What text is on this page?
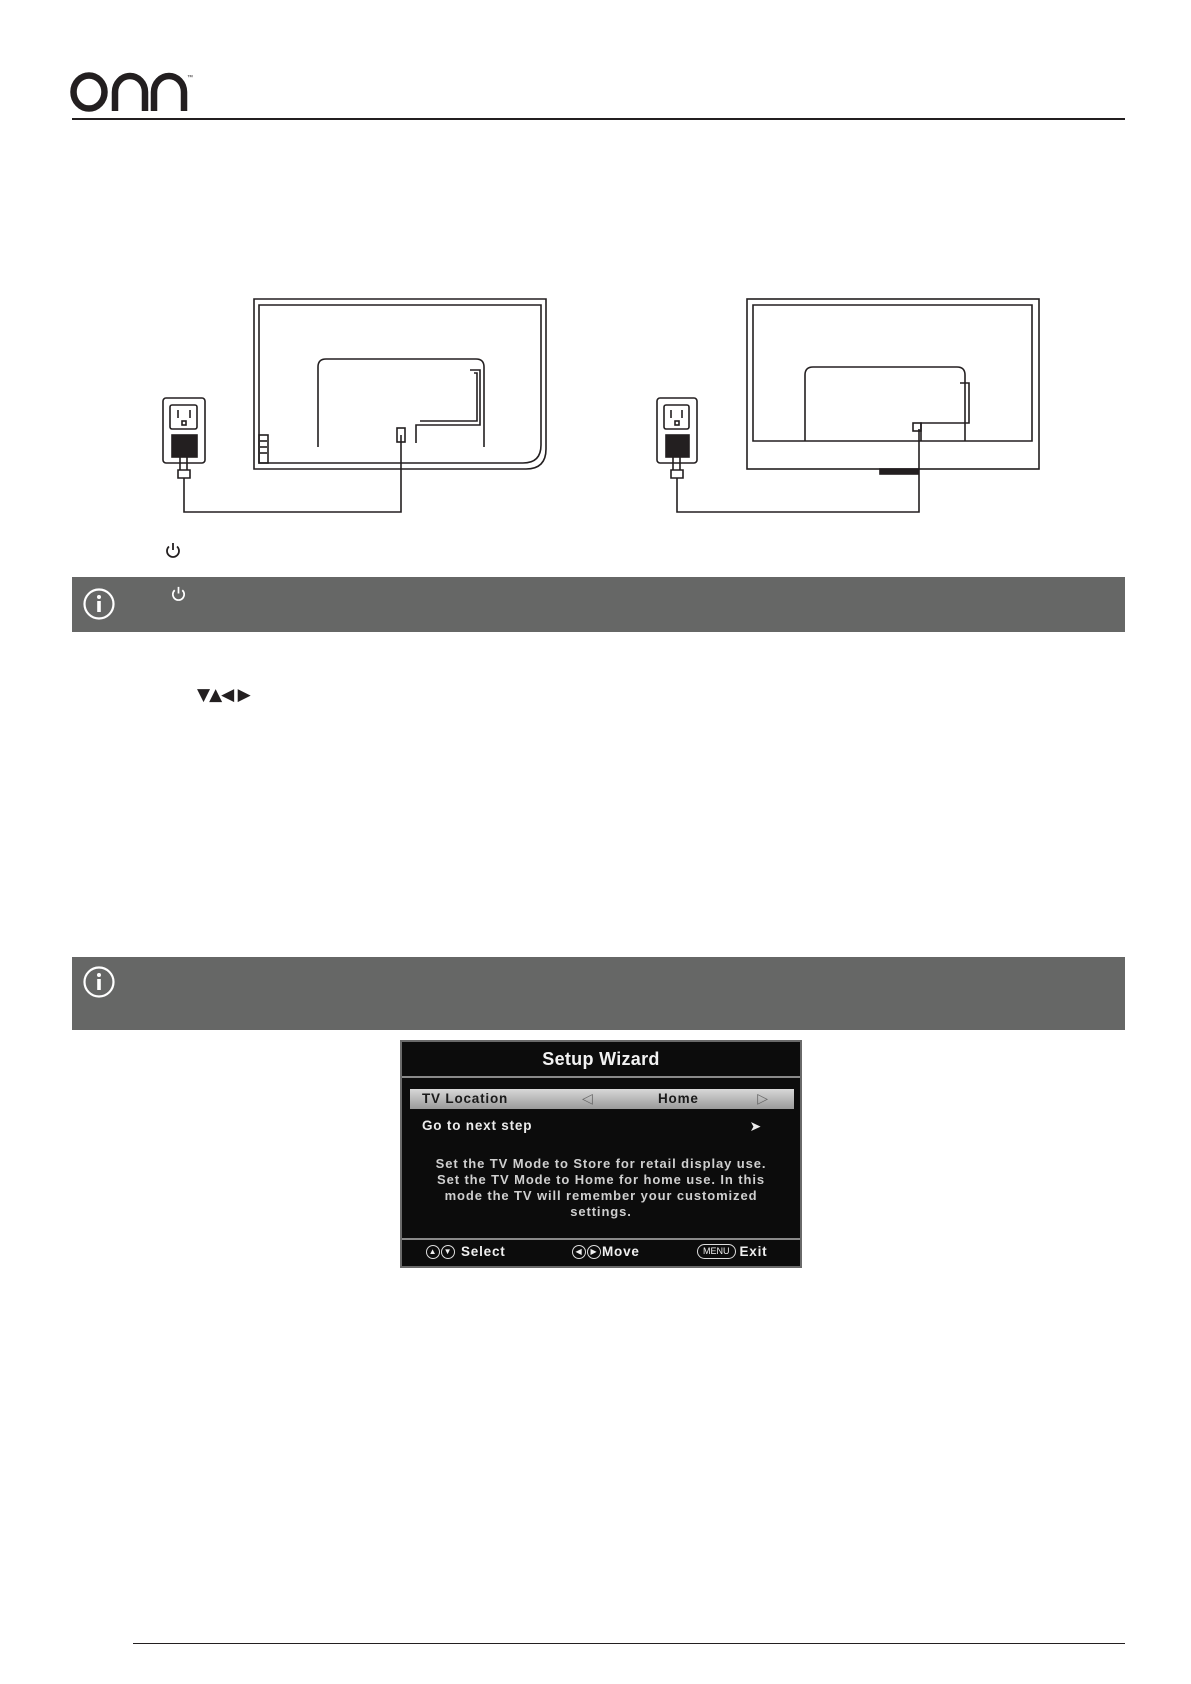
™
▼▲◀ ▶
Setup Wizard
TV Location	◁	Home	▷
Go to next step	➤
Set the TV Mode to Store for retail display use. Set the TV Mode to Home for home use. In this mode the TV will remember your customized settings.
▲ ▼ Select	◀	▶ Move	MENU Exit
